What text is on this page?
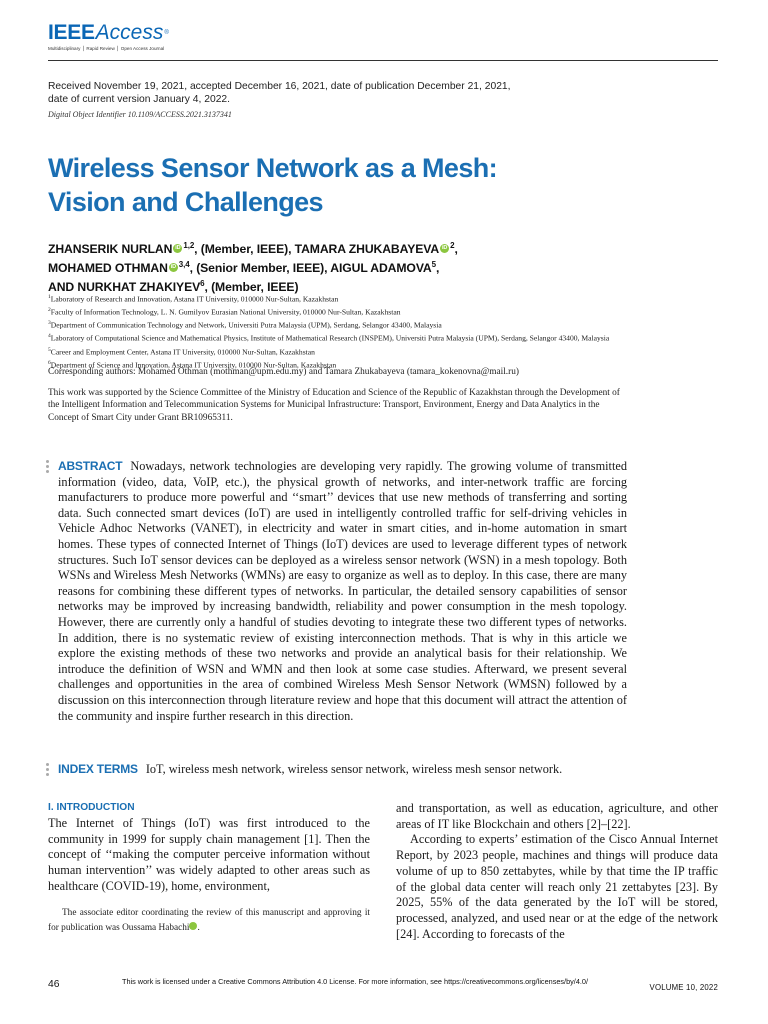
IEEEAccess®
Multidisciplinary ⎪ Rapid Review ⎪ Open Access Journal
Received November 19, 2021, accepted December 16, 2021, date of publication December 21, 2021, date of current version January 4, 2022.
Digital Object Identifier 10.1109/ACCESS.2021.3137341
Wireless Sensor Network as a Mesh:
Vision and Challenges
ZHANSERIK NURLAN iD $^{1,2}$, (Member, IEEE), TAMARA ZHUKABAYEVA iD $^2$,
MOHAMED OTHMAN iD $^{3,4}$, (Senior Member, IEEE), AIGUL ADAMOVA$^5$,
AND NURKHAT ZHAKIYEV$^6$, (Member, IEEE)
$^1$Laboratory of Research and Innovation, Astana IT University, 010000 Nur-Sultan, Kazakhstan
$^2$Faculty of Information Technology, L. N. Gumilyov Eurasian National University, 010000 Nur-Sultan, Kazakhstan
$^3$Department of Communication Technology and Network, Universiti Putra Malaysia (UPM), Serdang, Selangor 43400, Malaysia
$^4$Laboratory of Computational Science and Mathematical Physics, Institute of Mathematical Research (INSPEM), Universiti Putra Malaysia (UPM), Serdang, Selangor 43400, Malaysia
$^5$Career and Employment Center, Astana IT University, 010000 Nur-Sultan, Kazakhstan
$^6$Department of Science and Innovation, Astana IT University, 010000 Nur-Sultan, Kazakhstan
Corresponding authors: Mohamed Othman (mothman@upm.edu.my) and Tamara Zhukabayeva (tamara_kokenovna@mail.ru)
This work was supported by the Science Committee of the Ministry of Education and Science of the Republic of Kazakhstan through the Development of the Intelligent Information and Telecommunication Systems for Municipal Infrastructure: Transport, Environment, Energy and Data Analytics in the Concept of Smart City under Grant BR10965311.
ABSTRACT Nowadays, network technologies are developing very rapidly. The growing volume of transmitted information (video, data, VoIP, etc.), the physical growth of networks, and inter-network traffic are forcing manufacturers to produce more powerful and ‘‘smart’’ devices that use new methods of transferring and sorting data. Such connected smart devices (IoT) are used in intelligently controlled traffic for self-driving vehicles in Vehicle Adhoc Networks (VANET), in electricity and water in smart cities, and in-home automation in smart homes. These types of connected Internet of Things (IoT) devices are used to leverage different types of network structures. Such IoT sensor devices can be deployed as a wireless sensor network (WSN) in a mesh topology. Both WSNs and Wireless Mesh Networks (WMNs) are easy to organize as well as to deploy. In this case, there are many reasons for combining these different types of networks. In particular, the detailed sensory capabilities of sensor networks may be improved by increasing bandwidth, reliability and power consumption in the mesh topology. However, there are currently only a handful of studies devoting to integrate these two different types of networks. In addition, there is no systematic review of existing interconnection methods. That is why in this article we explore the existing methods of these two networks and provide an analytical basis for their relationship. We introduce the definition of WSN and WMN and then look at some case studies. Afterward, we present several challenges and opportunities in the area of combined Wireless Mesh Sensor Network (WMSN) followed by a discussion on this interconnection through literature review and hope that this document will attract the attention of the community and inspire further research in this direction.
INDEX TERMS IoT, wireless mesh network, wireless sensor network, wireless mesh sensor network.
I. INTRODUCTION

The Internet of Things (IoT) was first introduced to the community in 1999 for supply chain management [1]. Then the concept of ‘‘making the computer perceive information without human intervention’’ was widely adapted to other areas such as healthcare (COVID-19), home, environment,

The associate editor coordinating the review of this manuscript and approving it for publication was Oussama Habachi	iD.

and transportation, as well as education, agriculture, and other areas of IT like Blockchain and others [2]–[22].

According to experts’ estimation of the Cisco Annual Internet Report, by 2023 people, machines and things will produce data volume of up to 850 zettabytes, while by that time the IP traffic of the global data center will reach only 21 zettabytes [23]. By 2025, 55% of the data generated by the IoT will be stored, processed, analyzed, and used near or at the edge of the network [24]. According to forecasts of the

46	This work is licensed under a Creative Commons Attribution 4.0 License. For more information, see https://creativecommons.org/licenses/by/4.0/
VOLUME 10, 2022
